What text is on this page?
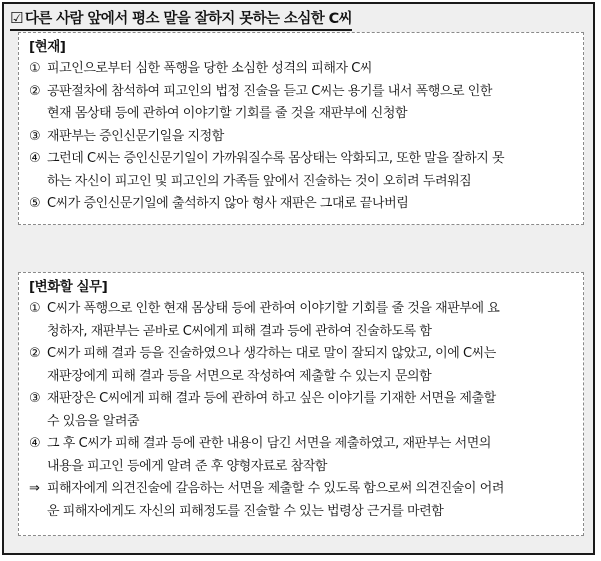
☑ 다른 사람 앞에서 평소 말을 잘하지 못하는 소심한 C씨
[현재]
① 피고인으로부터 심한 폭행을 당한 소심한 성격의 피해자 C씨
② 공판절차에 참석하여 피고인의 법정 진술을 듣고 C씨는 용기를 내서 폭행으로 인한
현재 몸상태 등에 관하여 이야기할 기회를 줄 것을 재판부에 신청함
③ 재판부는 증인신문기일을 지정함
④ 그런데 C씨는 증인신문기일이 가까워질수록 몸상태는 악화되고, 또한 말을 잘하지 못
하는 자신이 피고인 및 피고인의 가족들 앞에서 진술하는 것이 오히려 두려워짐
⑤ C씨가 증인신문기일에 출석하지 않아 형사 재판은 그대로 끝나버림
[변화할 실무]
① C씨가 폭행으로 인한 현재 몸상태 등에 관하여 이야기할 기회를 줄 것을 재판부에 요
청하자, 재판부는 곧바로 C씨에게 피해 결과 등에 관하여 진술하도록 함
② C씨가 피해 결과 등을 진술하였으나 생각하는 대로 말이 잘되지 않았고, 이에 C씨는
재판장에게 피해 결과 등을 서면으로 작성하여 제출할 수 있는지 문의함
③ 재판장은 C씨에게 피해 결과 등에 관하여 하고 싶은 이야기를 기재한 서면을 제출할
수 있음을 알려줌
④ 그 후 C씨가 피해 결과 등에 관한 내용이 담긴 서면을 제출하였고, 재판부는 서면의
내용을 피고인 등에게 알려 준 후 양형자료로 참작함
⇒ 피해자에게 의견진술에 갈음하는 서면을 제출할 수 있도록 함으로써 의견진술이 어려
운 피해자에게도 자신의 피해정도를 진술할 수 있는 법령상 근거를 마련함
